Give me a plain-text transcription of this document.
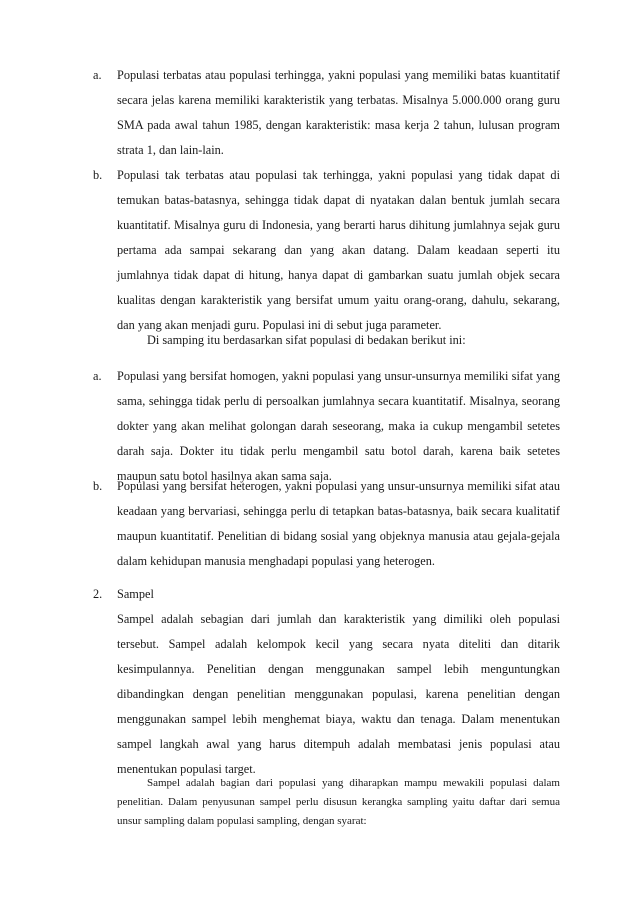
a. Populasi terbatas atau populasi terhingga, yakni populasi yang memiliki batas kuantitatif secara jelas karena memiliki karakteristik yang terbatas. Misalnya 5.000.000 orang guru SMA pada awal tahun 1985, dengan karakteristik: masa kerja 2 tahun, lulusan program strata 1, dan lain-lain.
b. Populasi tak terbatas atau populasi tak terhingga, yakni populasi yang tidak dapat di temukan batas-batasnya, sehingga tidak dapat di nyatakan dalan bentuk jumlah secara kuantitatif. Misalnya guru di Indonesia, yang berarti harus dihitung jumlahnya sejak guru pertama ada sampai sekarang dan yang akan datang. Dalam keadaan seperti itu jumlahnya tidak dapat di hitung, hanya dapat di gambarkan suatu jumlah objek secara kualitas dengan karakteristik yang bersifat umum yaitu orang-orang, dahulu, sekarang, dan yang akan menjadi guru. Populasi ini di sebut juga parameter.
Di samping itu berdasarkan sifat populasi di bedakan berikut ini:
a. Populasi yang bersifat homogen, yakni populasi yang unsur-unsurnya memiliki sifat yang sama, sehingga tidak perlu di persoalkan jumlahnya secara kuantitatif. Misalnya, seorang dokter yang akan melihat golongan darah seseorang, maka ia cukup mengambil setetes darah saja. Dokter itu tidak perlu mengambil satu botol darah, karena baik setetes maupun satu botol hasilnya akan sama saja.
b. Populasi yang bersifat heterogen, yakni populasi yang unsur-unsurnya memiliki sifat atau keadaan yang bervariasi, sehingga perlu di tetapkan batas-batasnya, baik secara kualitatif maupun kuantitatif. Penelitian di bidang sosial yang objeknya manusia atau gejala-gejala dalam kehidupan manusia menghadapi populasi yang heterogen.
2. Sampel
Sampel adalah sebagian dari jumlah dan karakteristik yang dimiliki oleh populasi tersebut. Sampel adalah kelompok kecil yang secara nyata diteliti dan ditarik kesimpulannya. Penelitian dengan menggunakan sampel lebih menguntungkan dibandingkan dengan penelitian menggunakan populasi, karena penelitian dengan menggunakan sampel lebih menghemat biaya, waktu dan tenaga. Dalam menentukan sampel langkah awal yang harus ditempuh adalah membatasi jenis populasi atau menentukan populasi target.
Sampel adalah bagian dari populasi yang diharapkan mampu mewakili populasi dalam penelitian. Dalam penyusunan sampel perlu disusun kerangka sampling yaitu daftar dari semua unsur sampling dalam populasi sampling, dengan syarat:
